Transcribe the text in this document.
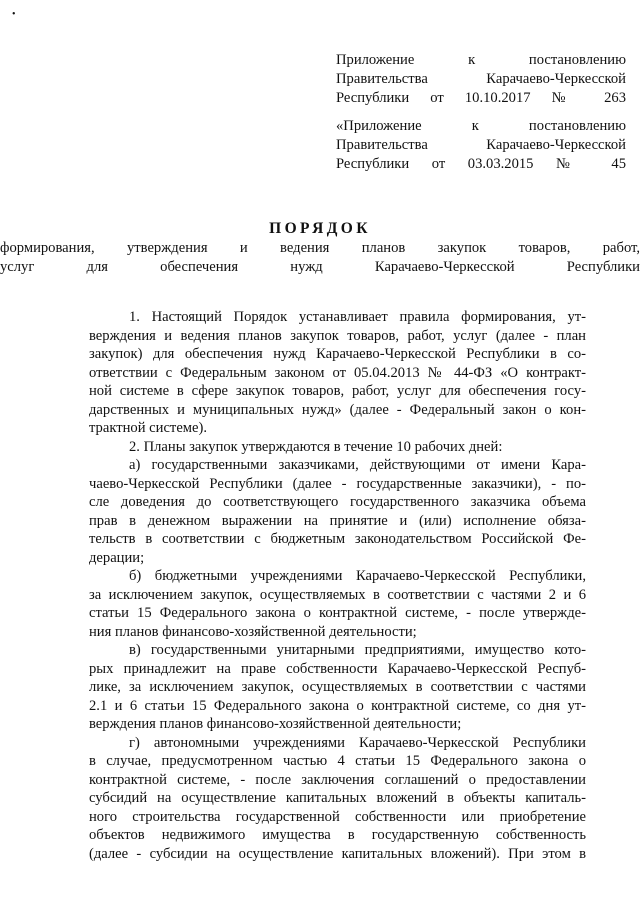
•
Приложение к постановлению
Правительства Карачаево-Черкесской
Республики от 10.10.2017 № 263
«Приложение к постановлению
Правительства Карачаево-Черкесской
Республики от 03.03.2015 № 45
ПОРЯДОК
формирования, утверждения и ведения планов закупок товаров, работ,
услуг для обеспечения нужд Карачаево-Черкесской Республики
1. Настоящий Порядок устанавливает правила формирования, ут-
верждения и ведения планов закупок товаров, работ, услуг (далее - план
закупок) для обеспечения нужд Карачаево-Черкесской Республики в со-
ответствии с Федеральным законом от 05.04.2013 № 44-ФЗ «О контракт-
ной системе в сфере закупок товаров, работ, услуг для обеспечения госу-
дарственных и муниципальных нужд» (далее - Федеральный закон о кон-
трактной системе).
2. Планы закупок утверждаются в течение 10 рабочих дней:
а) государственными заказчиками, действующими от имени Кара-
чаево-Черкесской Республики (далее - государственные заказчики), - по-
сле доведения до соответствующего государственного заказчика объема
прав в денежном выражении на принятие и (или) исполнение обяза-
тельств в соответствии с бюджетным законодательством Российской Фе-
дерации;
б) бюджетными учреждениями Карачаево-Черкесской Республики,
за исключением закупок, осуществляемых в соответствии с частями 2 и 6
статьи 15 Федерального закона о контрактной системе, - после утвержде-
ния планов финансово-хозяйственной деятельности;
в) государственными унитарными предприятиями, имущество кото-
рых принадлежит на праве собственности Карачаево-Черкесской Респуб-
лике, за исключением закупок, осуществляемых в соответствии с частями
2.1 и 6 статьи 15 Федерального закона о контрактной системе, со дня ут-
верждения планов финансово-хозяйственной деятельности;
г) автономными учреждениями Карачаево-Черкесской Республики
в случае, предусмотренном частью 4 статьи 15 Федерального закона о
контрактной системе, - после заключения соглашений о предоставлении
субсидий на осуществление капитальных вложений в объекты капиталь-
ного строительства государственной собственности или приобретение
объектов недвижимого имущества в государственную собственность
(далее - субсидии на осуществление капитальных вложений). При этом в
